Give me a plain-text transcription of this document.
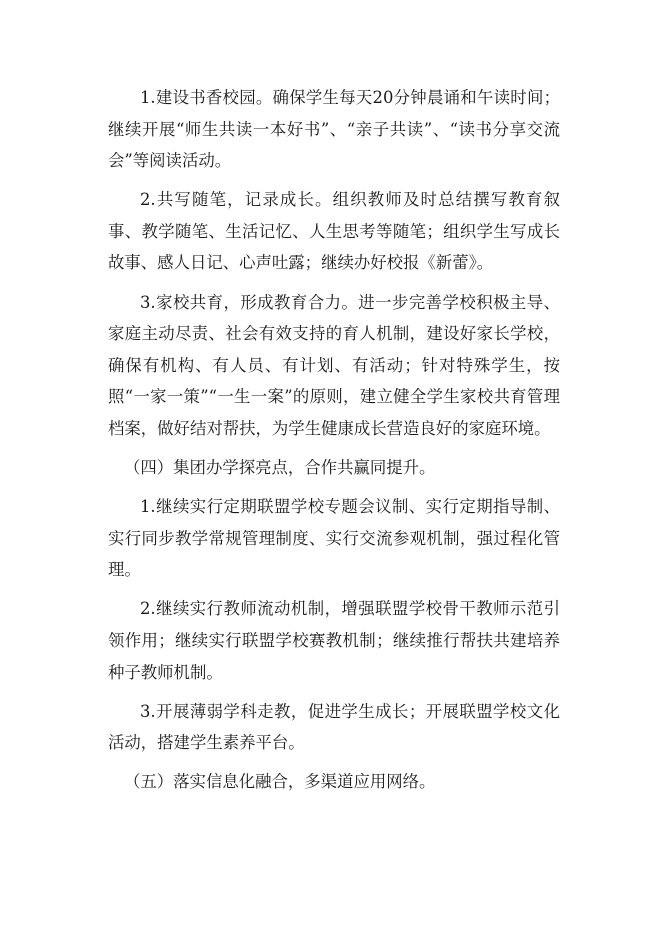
1.建设书香校园。确保学生每天20分钟晨诵和午读时间；继续开展“师生共读一本好书”、“亲子共读”、“读书分享交流会”等阅读活动。

2.共写随笔，记录成长。组织教师及时总结撰写教育叙事、教学随笔、生活记忆、人生思考等随笔；组织学生写成长故事、感人日记、心声吐露；继续办好校报《新蕾》。

3.家校共育，形成教育合力。进一步完善学校积极主导、家庭主动尽责、社会有效支持的育人机制，建设好家长学校，确保有机构、有人员、有计划、有活动；针对特殊学生，按照“一家一策”“一生一案”的原则，建立健全学生家校共育管理档案，做好结对帮扶，为学生健康成长营造良好的家庭环境。

（四）集团办学探亮点，合作共赢同提升。

1.继续实行定期联盟学校专题会议制、实行定期指导制、实行同步教学常规管理制度、实行交流参观机制，强过程化管理。

2.继续实行教师流动机制，增强联盟学校骨干教师示范引领作用；继续实行联盟学校赛教机制；继续推行帮扶共建培养种子教师机制。

3.开展薄弱学科走教，促进学生成长；开展联盟学校文化活动，搭建学生素养平台。

（五）落实信息化融合，多渠道应用网络。
